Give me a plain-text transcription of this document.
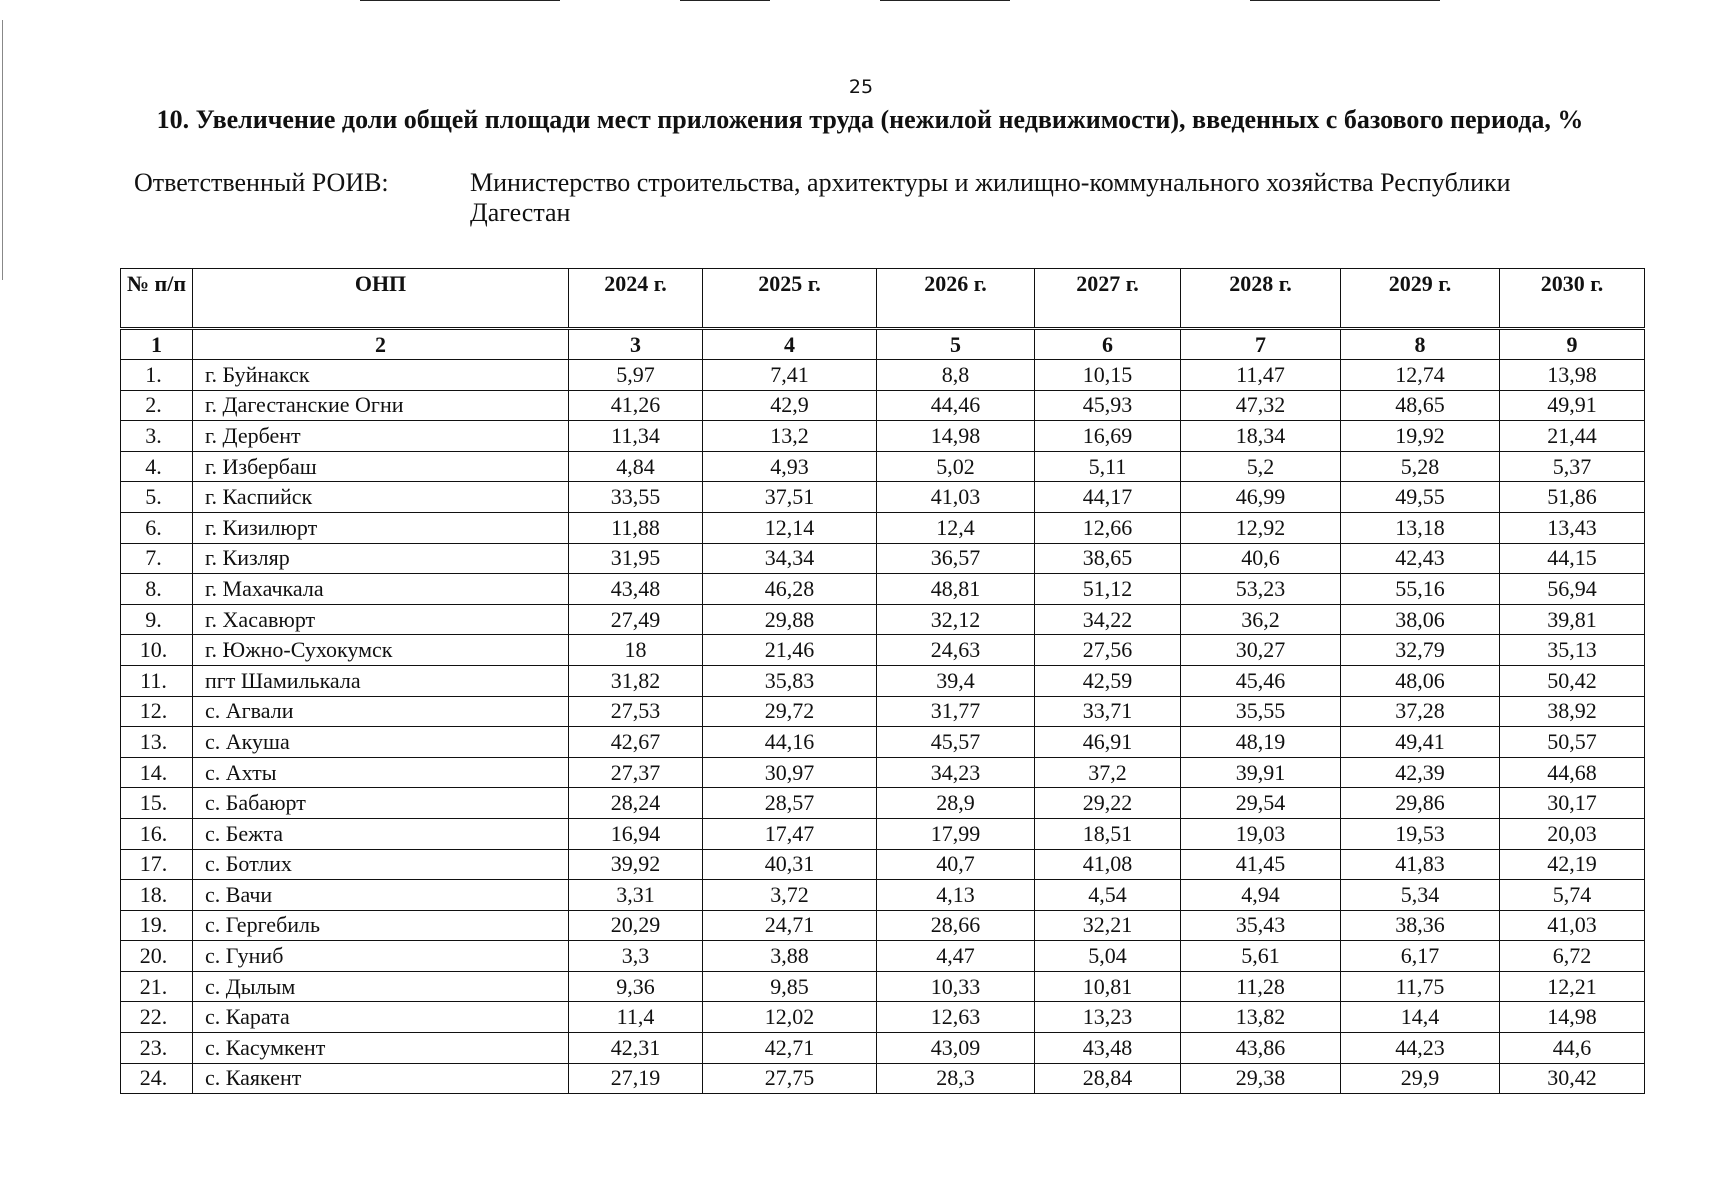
25
10. Увеличение доли общей площади мест приложения труда (нежилой недвижимости), введенных с базового периода, %
Ответственный РОИВ:	Министерство строительства, архитектуры и жилищно-коммунального хозяйства Республики Дагестан
№ п/п	ОНП	2024 г.	2025 г.	2026 г.	2027 г.	2028 г.	2029 г.	2030 г.
1	2	3	4	5	6	7	8	9
1.	г. Буйнакск	5,97	7,41	8,8	10,15	11,47	12,74	13,98
2.	г. Дагестанские Огни	41,26	42,9	44,46	45,93	47,32	48,65	49,91
3.	г. Дербент	11,34	13,2	14,98	16,69	18,34	19,92	21,44
4.	г. Избербаш	4,84	4,93	5,02	5,11	5,2	5,28	5,37
5.	г. Каспийск	33,55	37,51	41,03	44,17	46,99	49,55	51,86
6.	г. Кизилюрт	11,88	12,14	12,4	12,66	12,92	13,18	13,43
7.	г. Кизляр	31,95	34,34	36,57	38,65	40,6	42,43	44,15
8.	г. Махачкала	43,48	46,28	48,81	51,12	53,23	55,16	56,94
9.	г. Хасавюрт	27,49	29,88	32,12	34,22	36,2	38,06	39,81
10.	г. Южно-Сухокумск	18	21,46	24,63	27,56	30,27	32,79	35,13
11.	пгт Шамилькала	31,82	35,83	39,4	42,59	45,46	48,06	50,42
12.	с. Агвали	27,53	29,72	31,77	33,71	35,55	37,28	38,92
13.	с. Акуша	42,67	44,16	45,57	46,91	48,19	49,41	50,57
14.	с. Ахты	27,37	30,97	34,23	37,2	39,91	42,39	44,68
15.	с. Бабаюрт	28,24	28,57	28,9	29,22	29,54	29,86	30,17
16.	с. Бежта	16,94	17,47	17,99	18,51	19,03	19,53	20,03
17.	с. Ботлих	39,92	40,31	40,7	41,08	41,45	41,83	42,19
18.	с. Вачи	3,31	3,72	4,13	4,54	4,94	5,34	5,74
19.	с. Гергебиль	20,29	24,71	28,66	32,21	35,43	38,36	41,03
20.	с. Гуниб	3,3	3,88	4,47	5,04	5,61	6,17	6,72
21.	с. Дылым	9,36	9,85	10,33	10,81	11,28	11,75	12,21
22.	с. Карата	11,4	12,02	12,63	13,23	13,82	14,4	14,98
23.	с. Касумкент	42,31	42,71	43,09	43,48	43,86	44,23	44,6
24.	с. Каякент	27,19	27,75	28,3	28,84	29,38	29,9	30,42
